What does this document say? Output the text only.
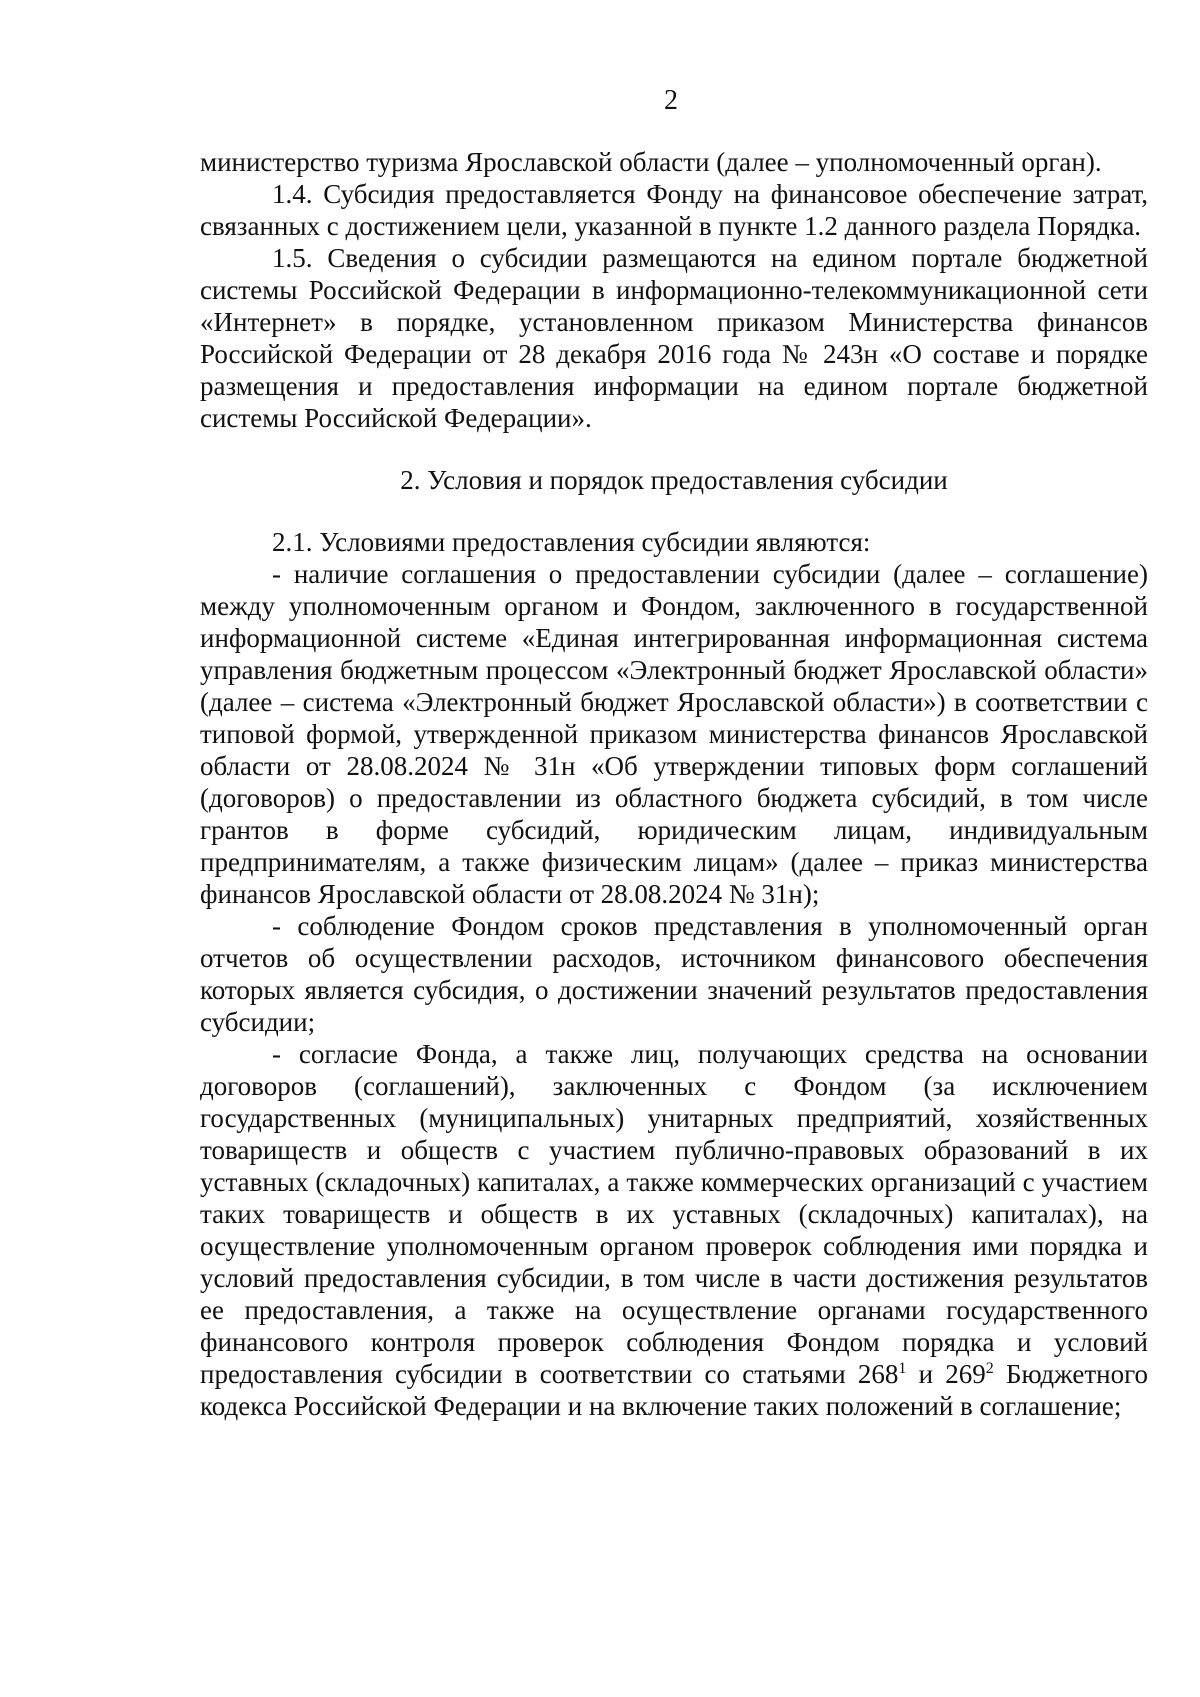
2

министерство туризма Ярославской области (далее – уполномоченный орган).

1.4. Субсидия предоставляется Фонду на финансовое обеспечение затрат, связанных с достижением цели, указанной в пункте 1.2 данного раздела Порядка.

1.5. Сведения о субсидии размещаются на едином портале бюджетной системы Российской Федерации в информационно-телекоммуникационной сети «Интернет» в порядке, установленном приказом Министерства финансов Российской Федерации от 28 декабря 2016 года № 243н «О составе и порядке размещения и предоставления информации на едином портале бюджетной системы Российской Федерации».

2. Условия и порядок предоставления субсидии

2.1. Условиями предоставления субсидии являются:

- наличие соглашения о предоставлении субсидии (далее – соглашение) между уполномоченным органом и Фондом, заключенного в государственной информационной системе «Единая интегрированная информационная система управления бюджетным процессом «Электронный бюджет Ярославской области» (далее – система «Электронный бюджет Ярославской области») в соответствии с типовой формой, утвержденной приказом министерства финансов Ярославской области от 28.08.2024 № 31н «Об утверждении типовых форм соглашений (договоров) о предоставлении из областного бюджета субсидий, в том числе грантов в форме субсидий, юридическим лицам, индивидуальным предпринимателям, а также физическим лицам» (далее – приказ министерства финансов Ярославской области от 28.08.2024 № 31н);

- соблюдение Фондом сроков представления в уполномоченный орган отчетов об осуществлении расходов, источником финансового обеспечения которых является субсидия, о достижении значений результатов предоставления субсидии;

- согласие Фонда, а также лиц, получающих средства на основании договоров (соглашений), заключенных с Фондом (за исключением государственных (муниципальных) унитарных предприятий, хозяйственных товариществ и обществ с участием публично-правовых образований в их уставных (складочных) капиталах, а также коммерческих организаций с участием таких товариществ и обществ в их уставных (складочных) капиталах), на осуществление уполномоченным органом проверок соблюдения ими порядка и условий предоставления субсидии, в том числе в части достижения результатов ее предоставления, а также на осуществление органами государственного финансового контроля проверок соблюдения Фондом порядка и условий предоставления субсидии в соответствии со статьями $268^1$ и $269^2$ Бюджетного кодекса Российской Федерации и на включение таких положений в соглашение;
